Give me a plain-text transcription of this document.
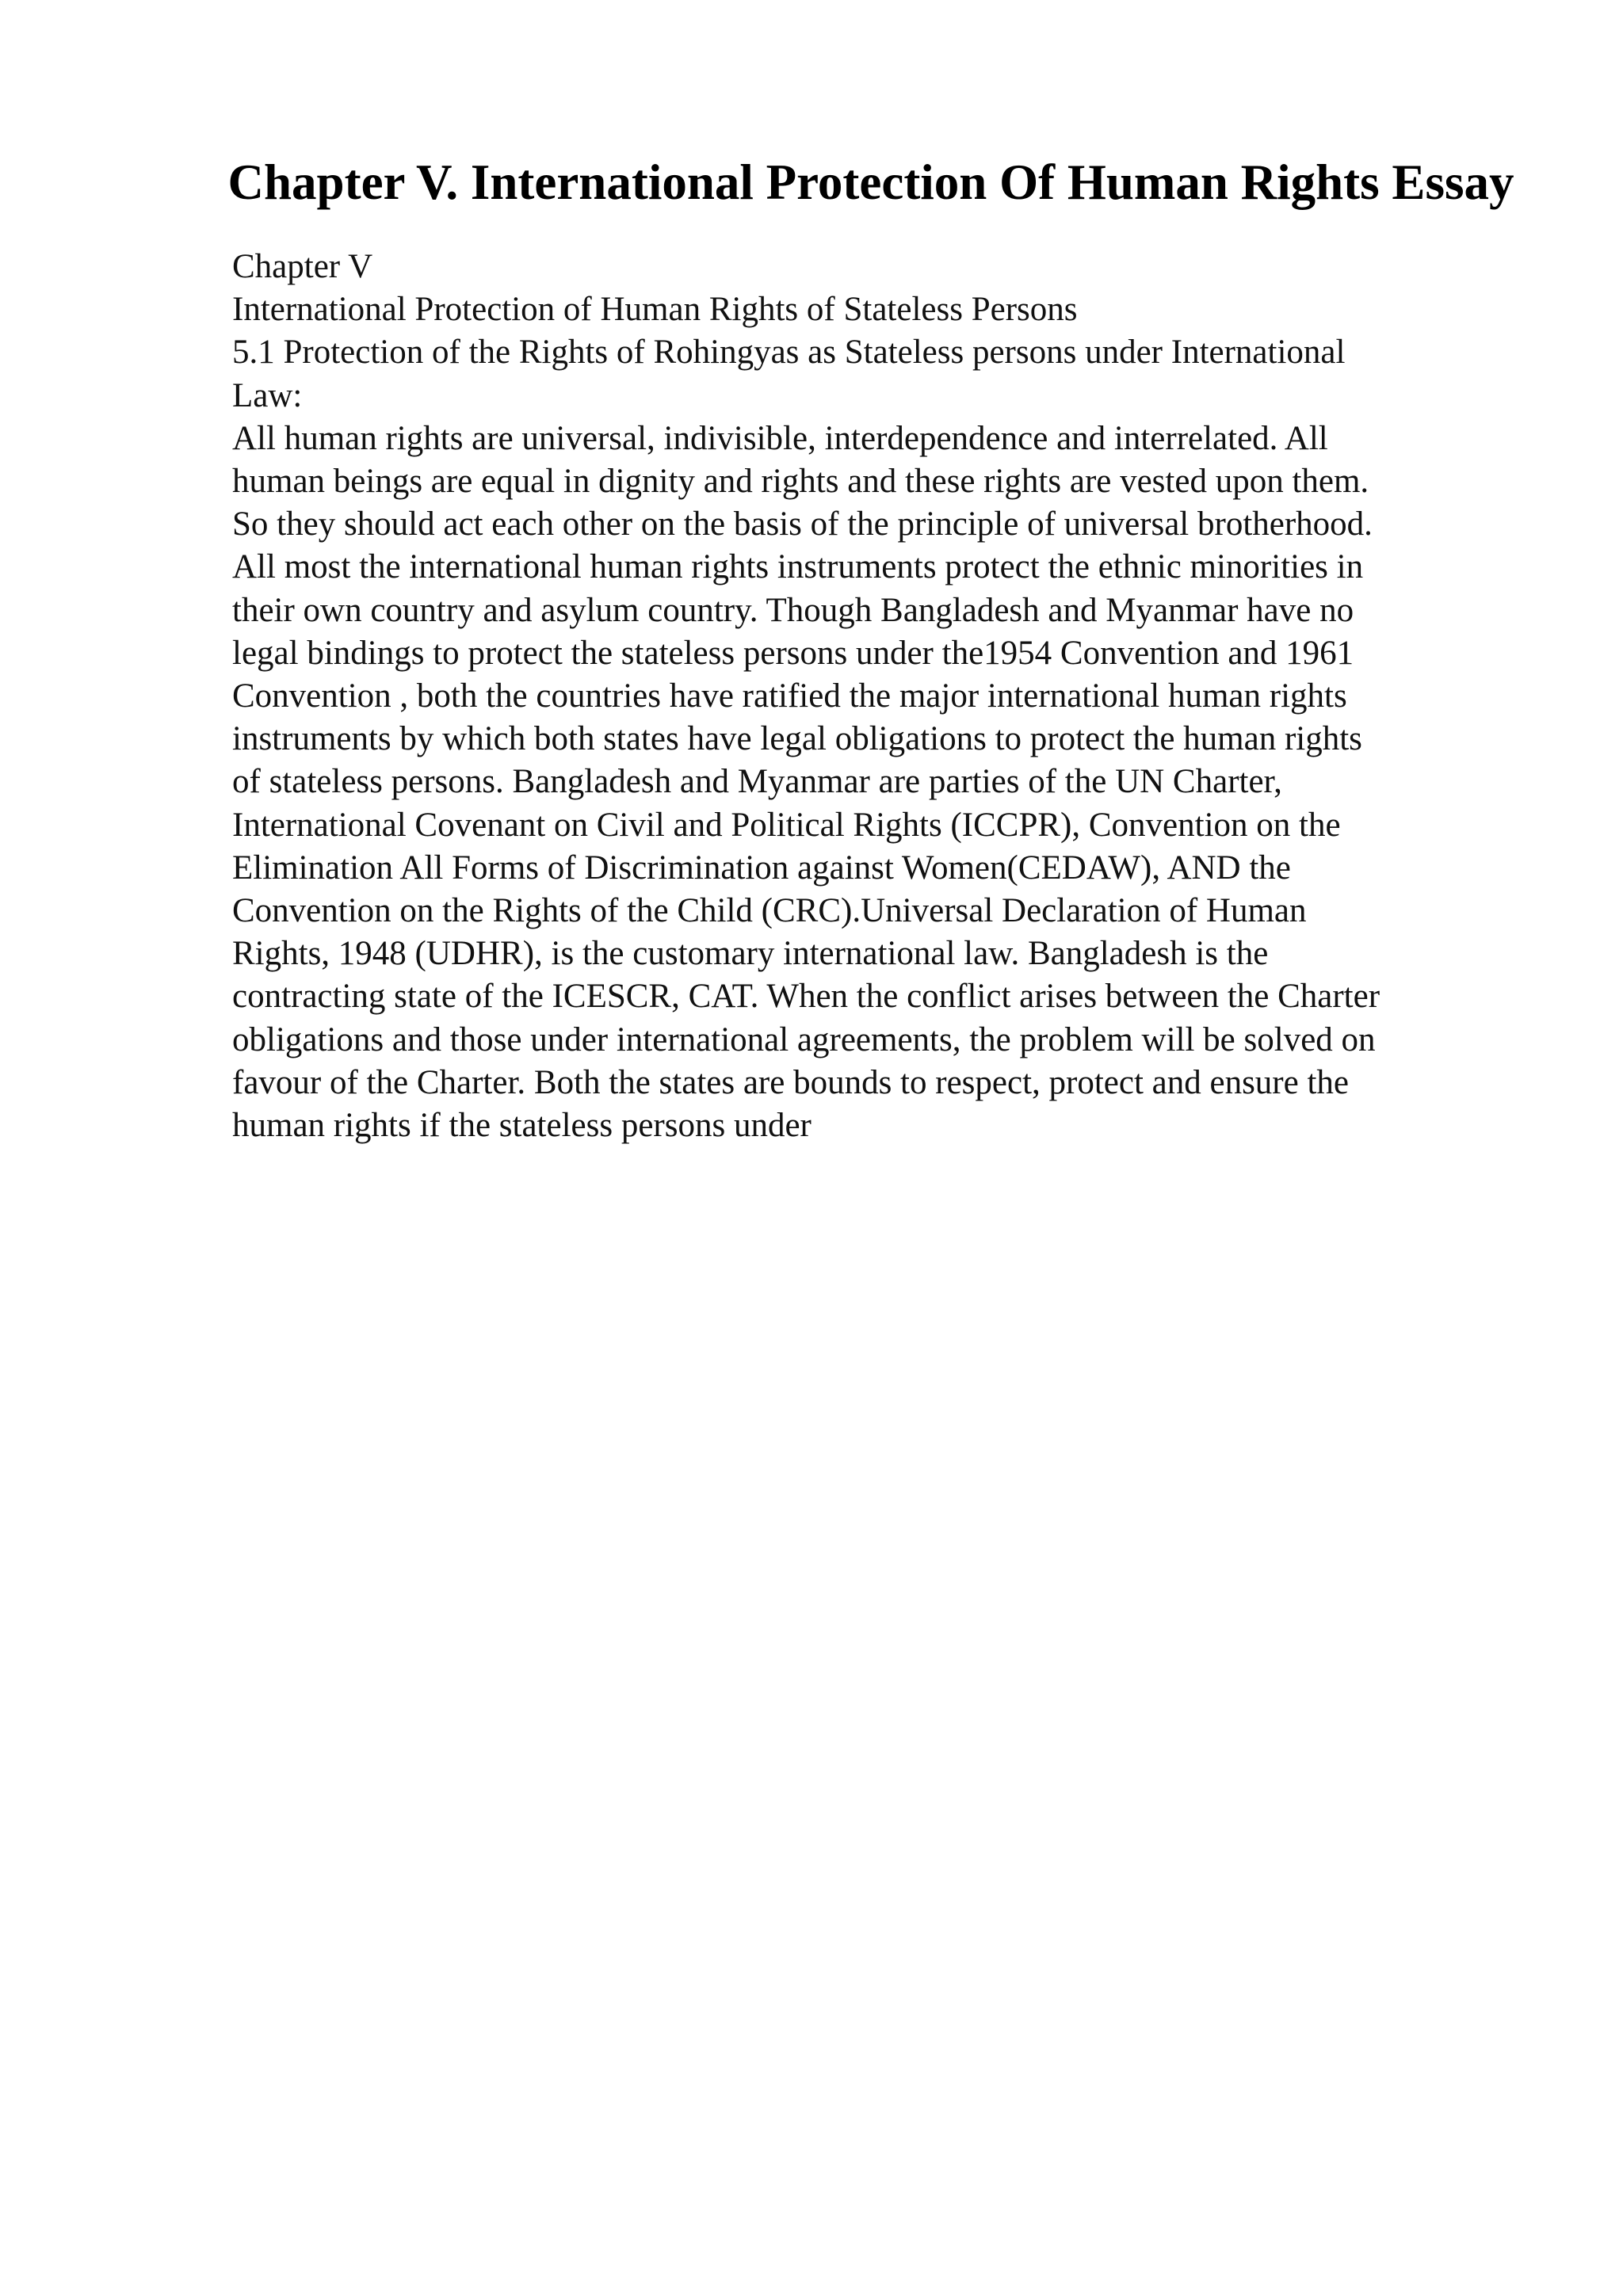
Chapter V. International Protection Of Human Rights Essay
Chapter V
International Protection of Human Rights of Stateless Persons
5.1 Protection of the Rights of Rohingyas as Stateless persons under International
Law:
All human rights are universal, indivisible, interdependence and interrelated. All
human beings are equal in dignity and rights and these rights are vested upon them.
So they should act each other on the basis of the principle of universal brotherhood.
All most the international human rights instruments protect the ethnic minorities in
their own country and asylum country. Though Bangladesh and Myanmar have no
legal bindings to protect the stateless persons under the1954 Convention and 1961
Convention , both the countries have ratified the major international human rights
instruments by which both states have legal obligations to protect the human rights
of stateless persons. Bangladesh and Myanmar are parties of the UN Charter,
International Covenant on Civil and Political Rights (ICCPR), Convention on the
Elimination All Forms of Discrimination against Women(CEDAW), AND the
Convention on the Rights of the Child (CRC).Universal Declaration of Human
Rights, 1948 (UDHR), is the customary international law. Bangladesh is the
contracting state of the ICESCR, CAT. When the conflict arises between the Charter
obligations and those under international agreements, the problem will be solved on
favour of the Charter. Both the states are bounds to respect, protect and ensure the
human rights if the stateless persons under
